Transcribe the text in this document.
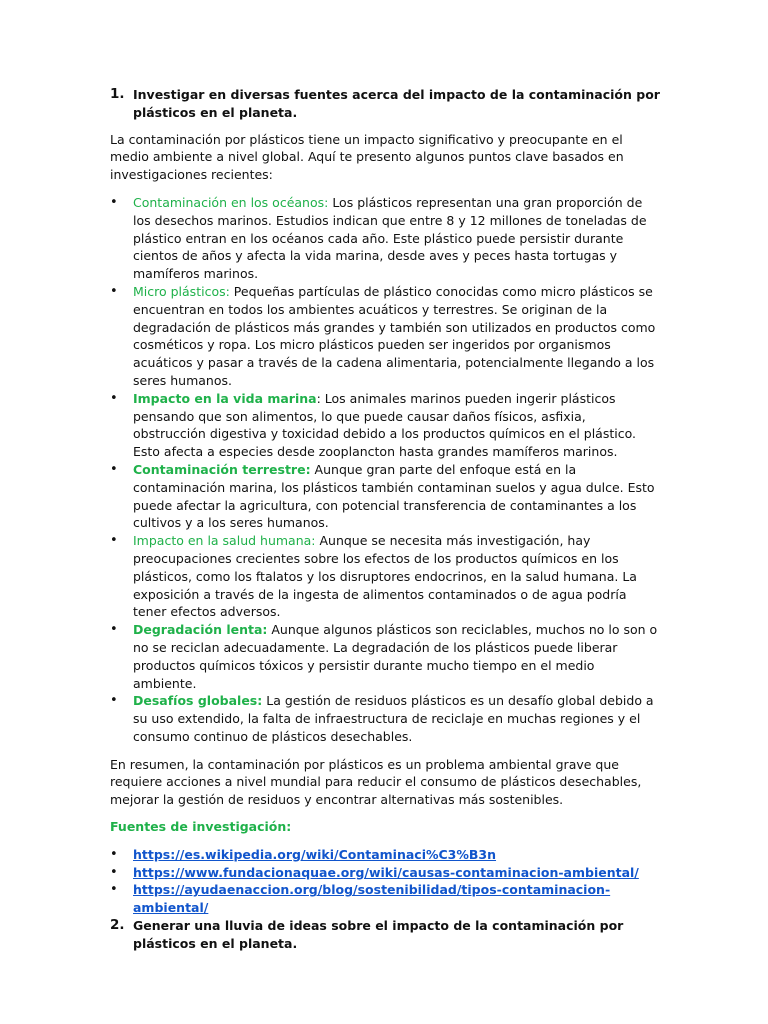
1. Investigar en diversas fuentes acerca del impacto de la contaminación por plásticos en el planeta.

La contaminación por plásticos tiene un impacto significativo y preocupante en el medio ambiente a nivel global. Aquí te presento algunos puntos clave basados en investigaciones recientes:

• Contaminación en los océanos: Los plásticos representan una gran proporción de los desechos marinos. Estudios indican que entre 8 y 12 millones de toneladas de plástico entran en los océanos cada año. Este plástico puede persistir durante cientos de años y afecta la vida marina, desde aves y peces hasta tortugas y mamíferos marinos.
• Micro plásticos: Pequeñas partículas de plástico conocidas como micro plásticos se encuentran en todos los ambientes acuáticos y terrestres. Se originan de la degradación de plásticos más grandes y también son utilizados en productos como cosméticos y ropa. Los micro plásticos pueden ser ingeridos por organismos acuáticos y pasar a través de la cadena alimentaria, potencialmente llegando a los seres humanos.
• Impacto en la vida marina: Los animales marinos pueden ingerir plásticos pensando que son alimentos, lo que puede causar daños físicos, asfixia, obstrucción digestiva y toxicidad debido a los productos químicos en el plástico. Esto afecta a especies desde zooplancton hasta grandes mamíferos marinos.
• Contaminación terrestre: Aunque gran parte del enfoque está en la contaminación marina, los plásticos también contaminan suelos y agua dulce. Esto puede afectar la agricultura, con potencial transferencia de contaminantes a los cultivos y a los seres humanos.
• Impacto en la salud humana: Aunque se necesita más investigación, hay preocupaciones crecientes sobre los efectos de los productos químicos en los plásticos, como los ftalatos y los disruptores endocrinos, en la salud humana. La exposición a través de la ingesta de alimentos contaminados o de agua podría tener efectos adversos.
• Degradación lenta: Aunque algunos plásticos son reciclables, muchos no lo son o no se reciclan adecuadamente. La degradación de los plásticos puede liberar productos químicos tóxicos y persistir durante mucho tiempo en el medio ambiente.
• Desafíos globales: La gestión de residuos plásticos es un desafío global debido a su uso extendido, la falta de infraestructura de reciclaje en muchas regiones y el consumo continuo de plásticos desechables.

En resumen, la contaminación por plásticos es un problema ambiental grave que requiere acciones a nivel mundial para reducir el consumo de plásticos desechables, mejorar la gestión de residuos y encontrar alternativas más sostenibles.

Fuentes de investigación:

• https://es.wikipedia.org/wiki/Contaminaci%C3%B3n
• https://www.fundacionaquae.org/wiki/causas-contaminacion-ambiental/
• https://ayudaenaccion.org/blog/sostenibilidad/tipos-contaminacion-ambiental/
2. Generar una lluvia de ideas sobre el impacto de la contaminación por plásticos en el planeta.
